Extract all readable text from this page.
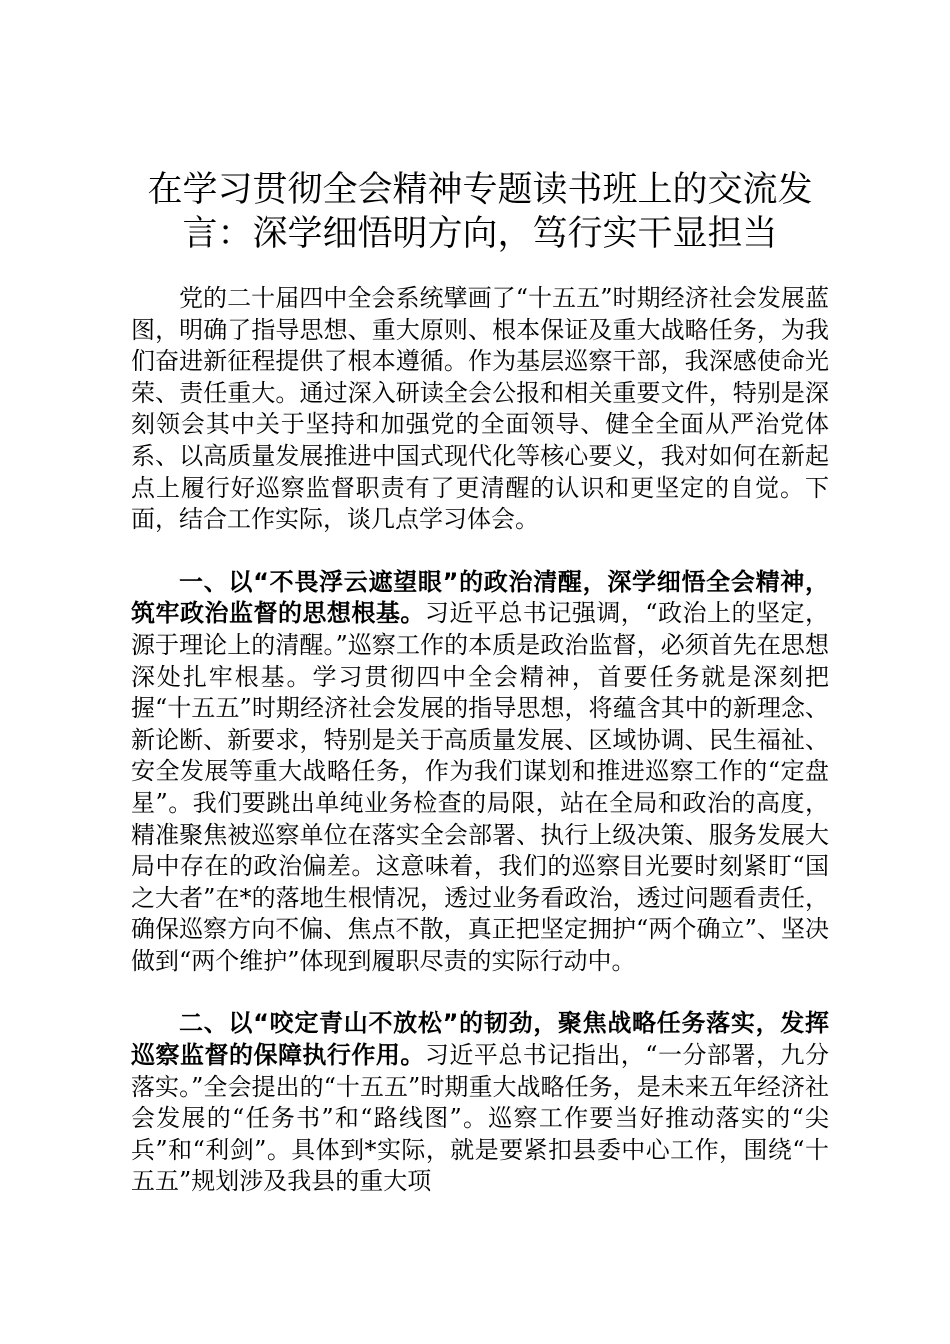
在学习贯彻全会精神专题读书班上的交流发
言：深学细悟明方向，笃行实干显担当

党的二十届四中全会系统擘画了“十五五”时期经济社会发展蓝图，明确了指导思想、重大原则、根本保证及重大战略任务，为我们奋进新征程提供了根本遵循。作为基层巡察干部，我深感使命光荣、责任重大。通过深入研读全会公报和相关重要文件，特别是深刻领会其中关于坚持和加强党的全面领导、健全全面从严治党体系、以高质量发展推进中国式现代化等核心要义，我对如何在新起点上履行好巡察监督职责有了更清醒的认识和更坚定的自觉。下面，结合工作实际，谈几点学习体会。

一、以“不畏浮云遮望眼”的政治清醒，深学细悟全会精神，筑牢政治监督的思想根基。习近平总书记强调，“政治上的坚定，源于理论上的清醒。”巡察工作的本质是政治监督，必须首先在思想深处扎牢根基。学习贯彻四中全会精神，首要任务就是深刻把握“十五五”时期经济社会发展的指导思想，将蕴含其中的新理念、新论断、新要求，特别是关于高质量发展、区域协调、民生福祉、安全发展等重大战略任务，作为我们谋划和推进巡察工作的“定盘星”。我们要跳出单纯业务检查的局限，站在全局和政治的高度，精准聚焦被巡察单位在落实全会部署、执行上级决策、服务发展大局中存在的政治偏差。这意味着，我们的巡察目光要时刻紧盯“国之大者”在*的落地生根情况，透过业务看政治，透过问题看责任，确保巡察方向不偏、焦点不散，真正把坚定拥护“两个确立”、坚决做到“两个维护”体现到履职尽责的实际行动中。

二、以“咬定青山不放松”的韧劲，聚焦战略任务落实，发挥巡察监督的保障执行作用。习近平总书记指出，“一分部署，九分落实。”全会提出的“十五五”时期重大战略任务，是未来五年经济社会发展的“任务书”和“路线图”。巡察工作要当好推动落实的“尖兵”和“利剑”。具体到*实际，就是要紧扣县委中心工作，围绕“十五五”规划涉及我县的重大项
